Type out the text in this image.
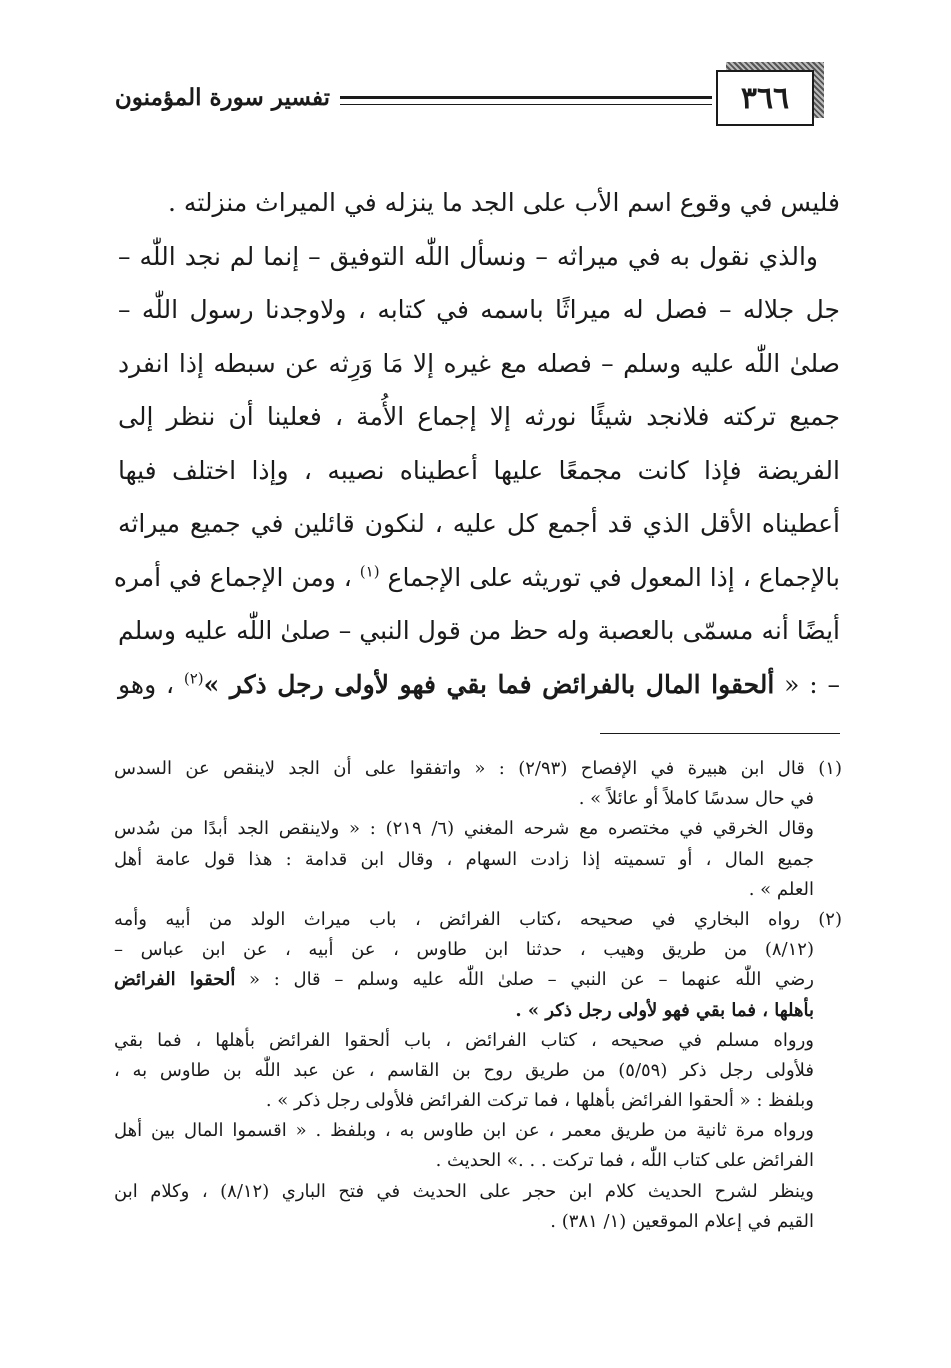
٣٦٦
تفسير سورة المؤمنون
فليس في وقوع اسم الأب على الجد ما ينزله في الميراث منزلته .
والذي نقول به في ميراثه – ونسأل اللّٰه التوفيق – إنما لم نجد اللّٰه –
جل جلاله – فصل له ميراثًا باسمه في كتابه ، ولاوجدنا رسول اللّٰه –
صلىٰ اللّٰه عليه وسلم – فصله مع غيره إلا مَا وَرِثه عن سبطه إذا انفرد
جميع تركته فلانجد شيئًا نورثه إلا إجماع الأُمة ، فعلينا أن ننظر إلى
الفريضة فإذا كانت مجمعًا عليها أعطيناه نصيبه ، وإذا اختلف فيها
أعطيناه الأقل الذي قد أجمع كل عليه ، لنكون قائلين في جميع ميراثه
بالإجماع ، إذا المعول في توريثه على الإجماع $^{(١)}$ ، ومن الإجماع في أمره
أيضًا أنه مسمّى بالعصبة وله حظ من قول النبي – صلىٰ اللّٰه عليه وسلم
– : « ألحقوا المال بالفرائض فما بقي فهو لأولى رجل ذكر »$^{(٢)}$ ، وهو
(١) قال ابن هبيرة في الإفصاح (٢/٩٣) : « واتفقوا على أن الجد لاينقص عن السدس
في حال سدسًا كاملاً أو عائلاً » .
وقال الخرقي في مختصره مع شرحه المغني (٦/ ٢١٩) : « ولاينقص الجد أبدًا من سُدس
جميع المال ، أو تسميته إذا زادت السهام ، وقال ابن قدامة : هذا قول عامة أهل
العلم » .
(٢) رواه البخاري في صحيحه ،كتاب الفرائض ، باب ميراث الولد من أبيه وأمه
(٨/١٢) من طريق وهيب ، حدثنا ابن طاوس ، عن أبيه ، عن ابن عباس –
رضي اللّٰه عنهما – عن النبي – صلىٰ اللّٰه عليه وسلم – قال : « ألحقوا الفرائض
بأهلها ، فما بقي فهو لأولى رجل ذكر » .
ورواه مسلم في صحيحه ، كتاب الفرائض ، باب ألحقوا الفرائض بأهلها ، فما بقي
فلأولى رجل ذكر (٥/٥٩) من طريق روح بن القاسم ، عن عبد اللّٰه بن طاوس به ،
وبلفظ : « ألحقوا الفرائض بأهلها ، فما تركت الفرائض فلأولى رجل ذكر » .
ورواه مرة ثانية من طريق معمر ، عن ابن طاوس به ، وبلفظ . « اقسموا المال بين أهل
الفرائض على كتاب اللّٰه ، فما تركت . . .» الحديث .
وينظر لشرح الحديث كلام ابن حجر على الحديث في فتح الباري (٨/١٢) ، وكلام ابن
القيم في إعلام الموقعين (١/ ٣٨١) .
